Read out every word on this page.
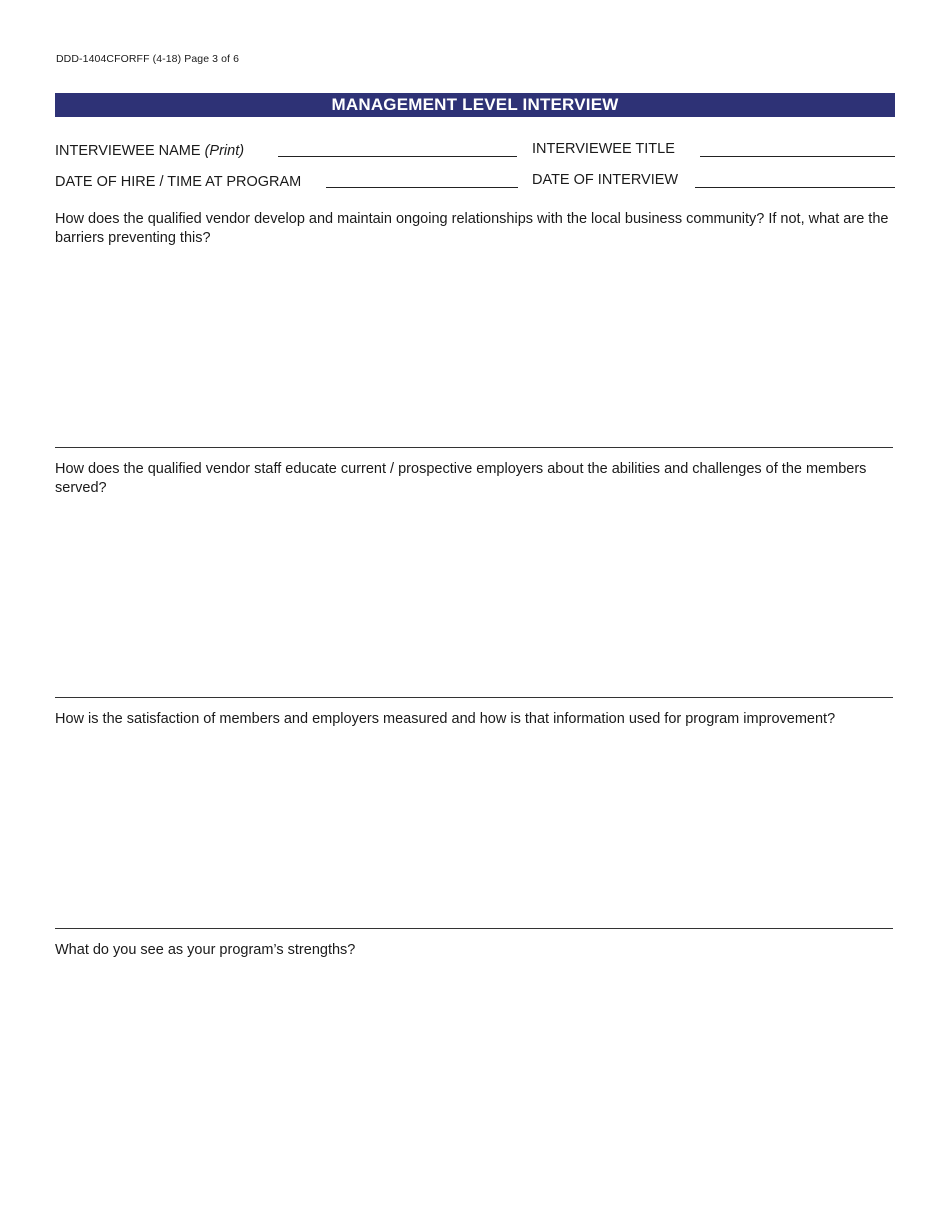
DDD-1404CFORFF (4-18) Page 3 of 6
MANAGEMENT LEVEL INTERVIEW
INTERVIEWEE NAME (Print)	INTERVIEWEE TITLE
DATE OF HIRE / TIME AT PROGRAM	DATE OF INTERVIEW
How does the qualified vendor develop and maintain ongoing relationships with the local business community? If not, what are the barriers preventing this?
How does the qualified vendor staff educate current / prospective employers about the abilities and challenges of the members served?
How is the satisfaction of members and employers measured and how is that information used for program improvement?
What do you see as your program’s strengths?
